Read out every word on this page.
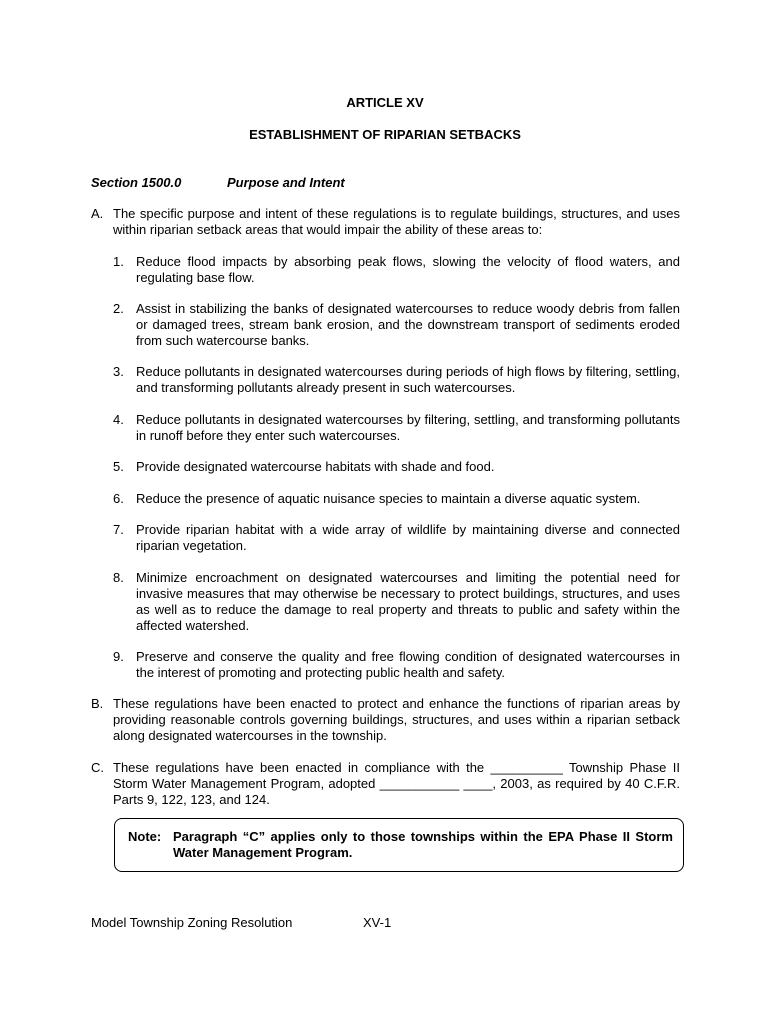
ARTICLE XV
ESTABLISHMENT OF RIPARIAN SETBACKS
Section 1500.0	Purpose and Intent
A. The specific purpose and intent of these regulations is to regulate buildings, structures, and uses within riparian setback areas that would impair the ability of these areas to:
1. Reduce flood impacts by absorbing peak flows, slowing the velocity of flood waters, and regulating base flow.
2. Assist in stabilizing the banks of designated watercourses to reduce woody debris from fallen or damaged trees, stream bank erosion, and the downstream transport of sediments eroded from such watercourse banks.
3. Reduce pollutants in designated watercourses during periods of high flows by filtering, settling, and transforming pollutants already present in such watercourses.
4. Reduce pollutants in designated watercourses by filtering, settling, and transforming pollutants in runoff before they enter such watercourses.
5. Provide designated watercourse habitats with shade and food.
6. Reduce the presence of aquatic nuisance species to maintain a diverse aquatic system.
7. Provide riparian habitat with a wide array of wildlife by maintaining diverse and connected riparian vegetation.
8. Minimize encroachment on designated watercourses and limiting the potential need for invasive measures that may otherwise be necessary to protect buildings, structures, and uses as well as to reduce the damage to real property and threats to public and safety within the affected watershed.
9. Preserve and conserve the quality and free flowing condition of designated watercourses in the interest of promoting and protecting public health and safety.
B. These regulations have been enacted to protect and enhance the functions of riparian areas by providing reasonable controls governing buildings, structures, and uses within a riparian setback along designated watercourses in the township.
C. These regulations have been enacted in compliance with the __________ Township Phase II Storm Water Management Program, adopted ___________ ____, 2003, as required by 40 C.F.R. Parts 9, 122, 123, and 124.
Note: Paragraph “C” applies only to those townships within the EPA Phase II Storm Water Management Program.
Model Township Zoning Resolution	XV-1
